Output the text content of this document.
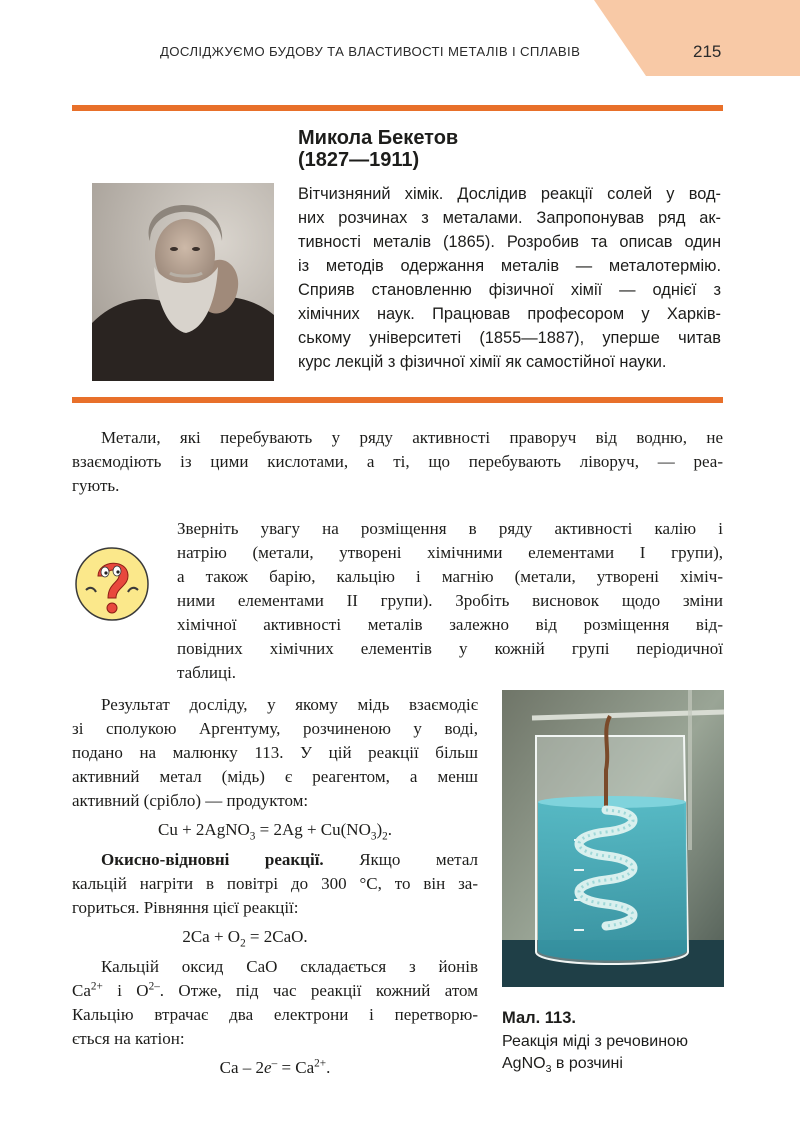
ДОСЛІДЖУЄМО БУДОВУ ТА ВЛАСТИВОСТІ МЕТАЛІВ І СПЛАВІВ	215
Микола Бекетов
(1827—1911)
Вітчизняний хімік. Дослідив реакції солей у вод-
них розчинах з металами. Запропонував ряд ак-
тивності металів (1865). Розробив та описав один
із методів одержання металів — металотермію.
Сприяв становленню фізичної хімії — однієї з
хімічних наук. Працював професором у Харків-
ському університеті (1855—1887), уперше читав
курс лекцій з фізичної хімії як самостійної науки.
Метали, які перебувають у ряду активності праворуч від водню, не
взаємодіють із цими кислотами, а ті, що перебувають ліворуч, — реа-
гують.
Зверніть увагу на розміщення в ряду активності калію і
натрію (метали, утворені хімічними елементами I групи),
а також барію, кальцію і магнію (метали, утворені хіміч-
ними елементами II групи). Зробіть висновок щодо зміни
хімічної активності металів залежно від розміщення від-
повідних хімічних елементів у кожній групі періодичної
таблиці.
Результат досліду, у якому мідь взаємодіє
зі сполукою Аргентуму, розчиненою у воді,
подано на малюнку 113. У цій реакції більш
активний метал (мідь) є реагентом, а менш
активний (срібло) — продуктом:
Cu + 2AgNO$_3$ = $2Ag + Cu(NO_3)_2$.
Окисно-відновні реакції. Якщо метал
кальцій нагріти в повітрі до 300 °С, то він за-
гориться. Рівняння цієї реакції:
$2Ca + O_2 = 2CaO$.
Кальцій оксид CaO складається з йонів
$Ca^{2+}$ і $O^{2-}$. Отже, під час реакції кожний атом
Кальцію втрачає два електрони і перетворю-
ється на катіон:
$Ca - 2e^- = Ca^{2+}$.
Мал. 113.
Реакція міді з речовиною
AgNO$_3$ в розчині
